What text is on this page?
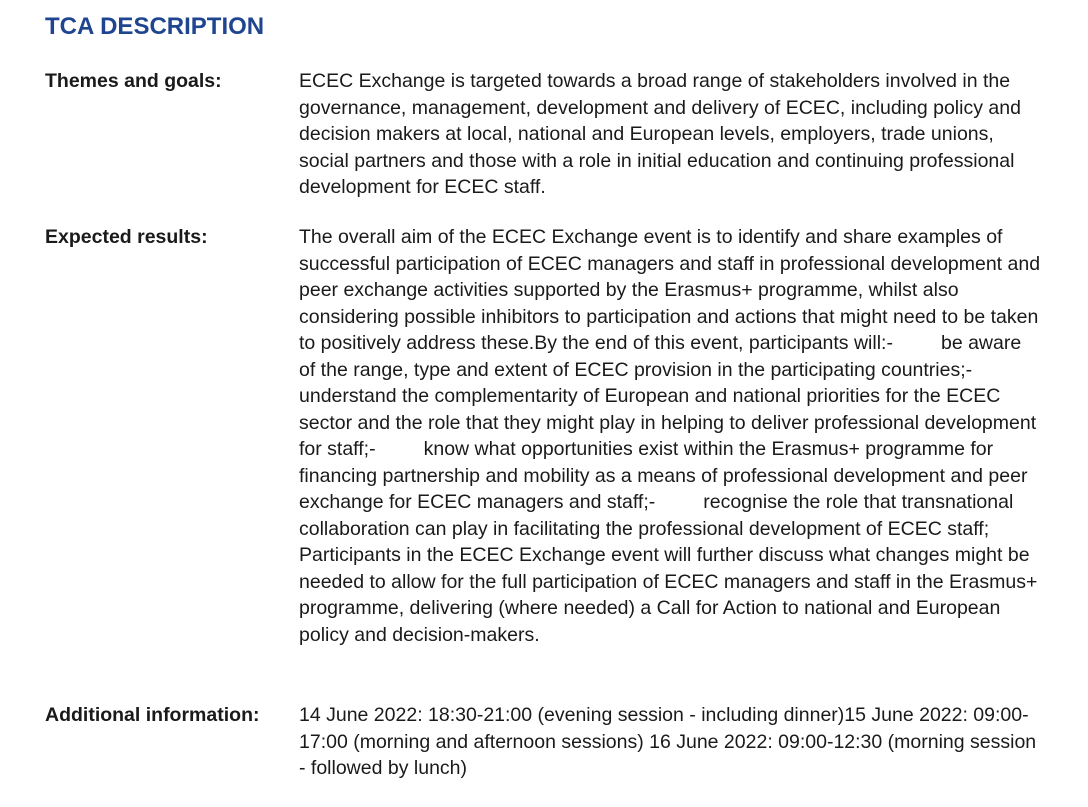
TCA DESCRIPTION
Themes and goals:	ECEC Exchange is targeted towards a broad range of stakeholders involved in the governance, management, development and delivery of ECEC, including policy and decision makers at local, national and European levels, employers, trade unions, social partners and those with a role in initial education and continuing professional development for ECEC staff.

Expected results:	The overall aim of the ECEC Exchange event is to identify and share examples of successful participation of ECEC managers and staff in professional development and peer exchange activities supported by the Erasmus+ programme, whilst also considering possible inhibitors to participation and actions that might need to be taken to positively address these.By the end of this event, participants will:- be aware of the range, type and extent of ECEC provision in the participating countries;-understand the complementarity of European and national priorities for the ECEC sector and the role that they might play in helping to deliver professional development for staff;- know what opportunities exist within the Erasmus+ programme for financing partnership and mobility as a means of professional development and peer exchange for ECEC managers and staff;- recognise the role that transnational collaboration can play in facilitating the professional development of ECEC staff; Participants in the ECEC Exchange event will further discuss what changes might be needed to allow for the full participation of ECEC managers and staff in the Erasmus+ programme, delivering (where needed) a Call for Action to national and European policy and decision-makers.

Additional information:	14 June 2022: 18:30-21:00 (evening session - including dinner)15 June 2022: 09:00-17:00 (morning and afternoon sessions) 16 June 2022: 09:00-12:30 (morning session - followed by lunch)
